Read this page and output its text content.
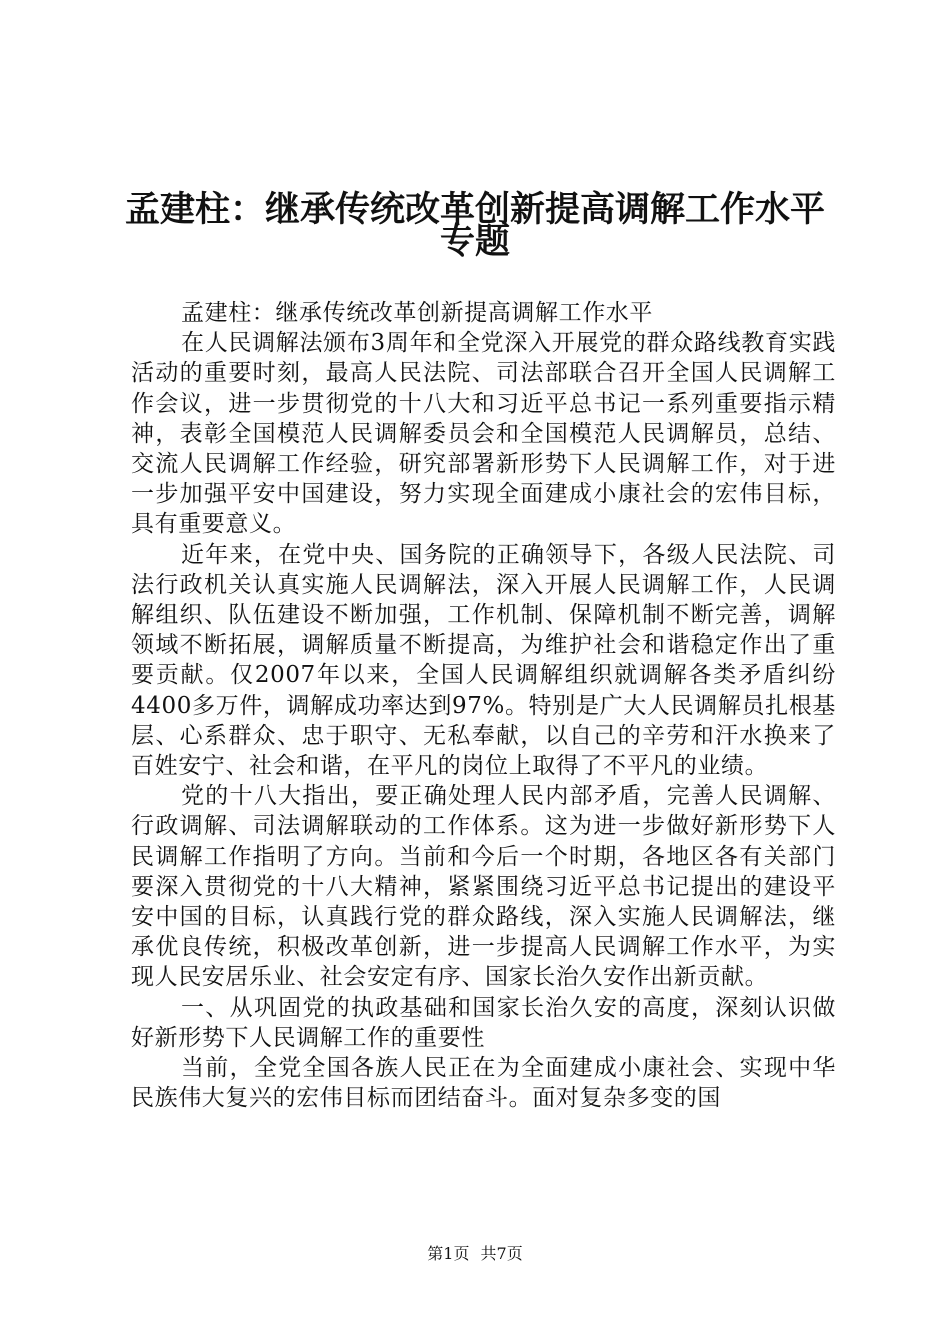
孟建柱：继承传统改革创新提高调解工作水平
专题

孟建柱：继承传统改革创新提高调解工作水平

在人民调解法颁布3周年和全党深入开展党的群众路线教育实践活动的重要时刻，最高人民法院、司法部联合召开全国人民调解工作会议，进一步贯彻党的十八大和习近平总书记一系列重要指示精神，表彰全国模范人民调解委员会和全国模范人民调解员，总结、交流人民调解工作经验，研究部署新形势下人民调解工作，对于进一步加强平安中国建设，努力实现全面建成小康社会的宏伟目标，具有重要意义。

近年来，在党中央、国务院的正确领导下，各级人民法院、司法行政机关认真实施人民调解法，深入开展人民调解工作，人民调解组织、队伍建设不断加强，工作机制、保障机制不断完善，调解领域不断拓展，调解质量不断提高，为维护社会和谐稳定作出了重要贡献。仅2007年以来，全国人民调解组织就调解各类矛盾纠纷4400多万件，调解成功率达到97%。特别是广大人民调解员扎根基层、心系群众、忠于职守、无私奉献，以自己的辛劳和汗水换来了百姓安宁、社会和谐，在平凡的岗位上取得了不平凡的业绩。

党的十八大指出，要正确处理人民内部矛盾，完善人民调解、行政调解、司法调解联动的工作体系。这为进一步做好新形势下人民调解工作指明了方向。当前和今后一个时期，各地区各有关部门要深入贯彻党的十八大精神，紧紧围绕习近平总书记提出的建设平安中国的目标，认真践行党的群众路线，深入实施人民调解法，继承优良传统，积极改革创新，进一步提高人民调解工作水平，为实现人民安居乐业、社会安定有序、国家长治久安作出新贡献。

一、从巩固党的执政基础和国家长治久安的高度，深刻认识做好新形势下人民调解工作的重要性

当前，全党全国各族人民正在为全面建成小康社会、实现中华民族伟大复兴的宏伟目标而团结奋斗。面对复杂多变的国

第1页 共7页
